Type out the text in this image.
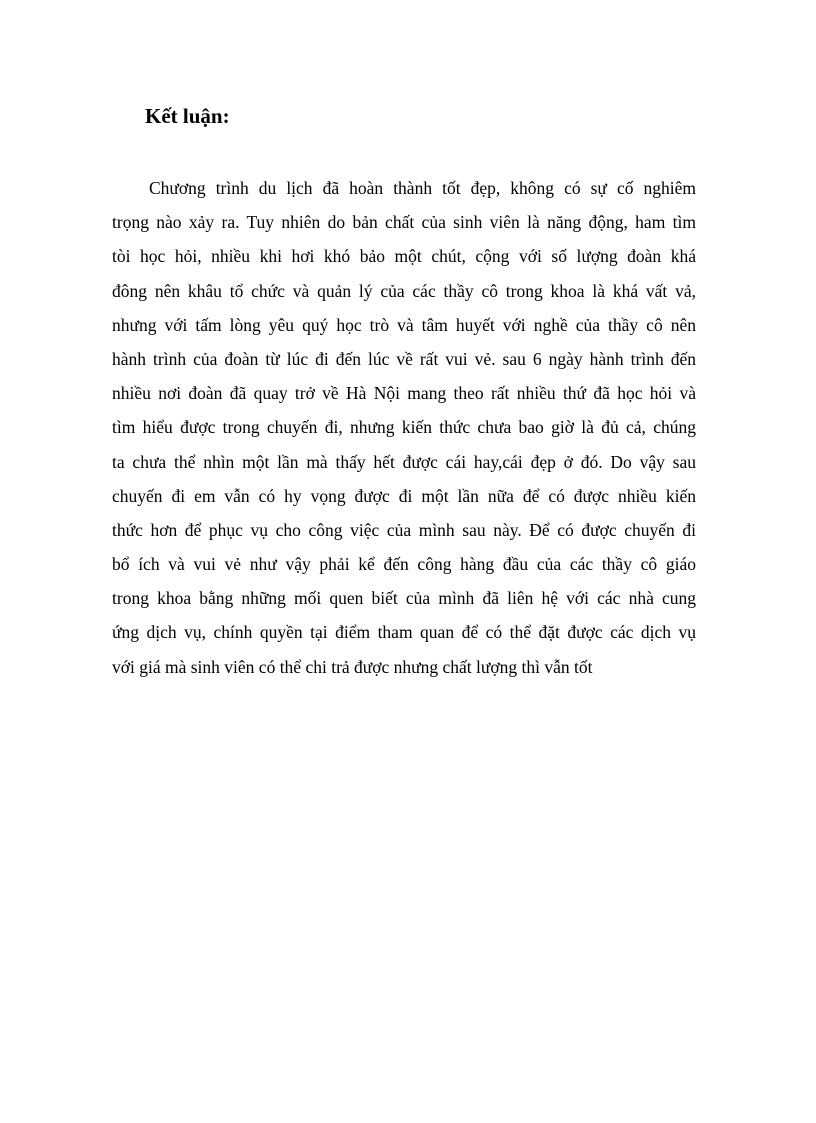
Kết luận:
Chương trình du lịch đã hoàn thành tốt đẹp, không có sự cố nghiêm
trọng nào xảy ra. Tuy nhiên do bản chất của sinh viên là năng động, ham tìm
tòi học hỏi, nhiều khi hơi khó bảo một chút, cộng với số lượng đoàn khá
đông nên khâu tổ chức và quản lý của các thầy cô trong khoa là khá vất vả,
nhưng với tấm lòng yêu quý học trò và tâm huyết với nghề của thầy cô nên
hành trình của đoàn từ lúc đi đến lúc về rất vui vẻ. sau 6 ngày hành trình đến
nhiều nơi đoàn đã quay trở về Hà Nội mang theo rất nhiều thứ đã học hỏi và
tìm hiểu được trong chuyến đi, nhưng kiến thức chưa bao giờ là đủ cả, chúng
ta chưa thể nhìn một lần mà thấy hết được cái hay,cái đẹp ở đó. Do vậy sau
chuyến đi em vẫn có hy vọng được đi một lần nữa để có được nhiều kiến
thức hơn để phục vụ cho công việc của mình sau này. Để có được chuyến đi
bổ ích và vui vẻ như vậy phải kể đến công hàng đầu của các thầy cô giáo
trong khoa bằng những mối quen biết của mình đã liên hệ với các nhà cung
ứng dịch vụ, chính quyền tại điểm tham quan để có thể đặt được các dịch vụ
với giá mà sinh viên có thể chi trả được nhưng chất lượng thì vẫn tốt
